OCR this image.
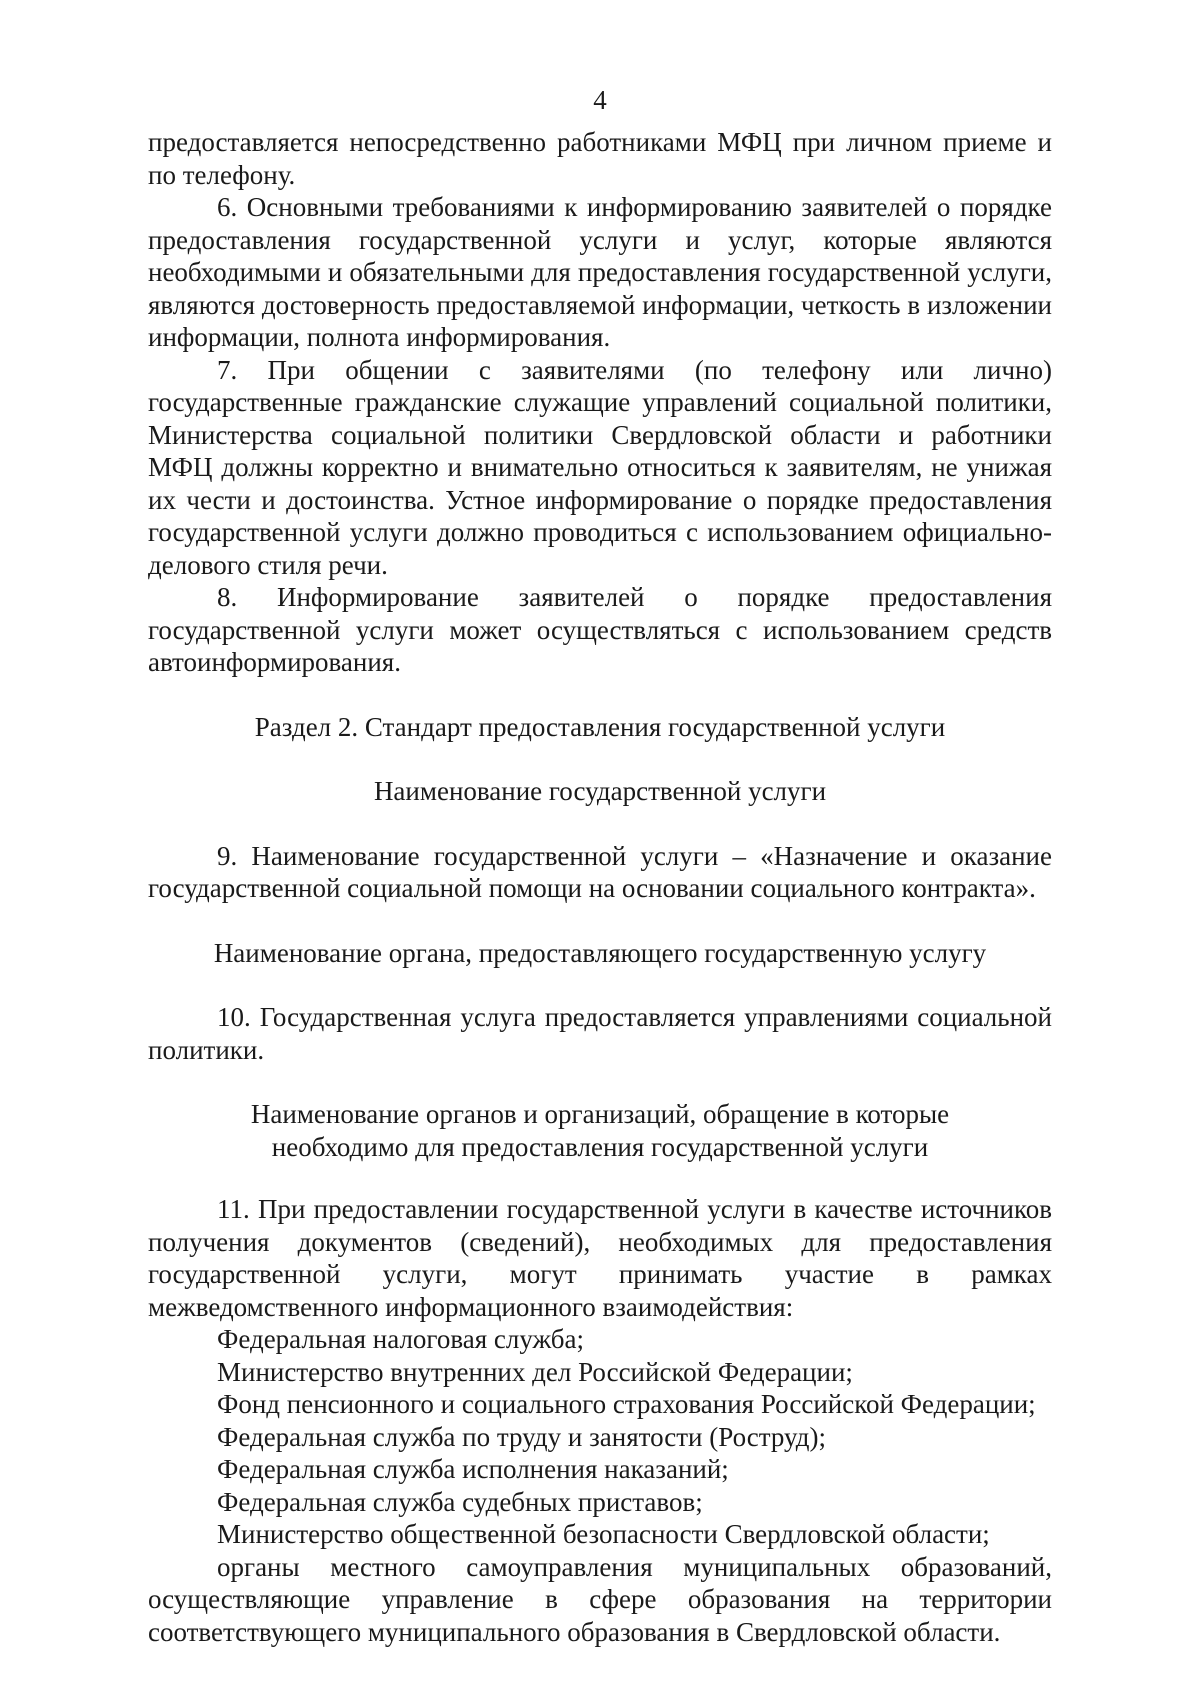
4

предоставляется непосредственно работниками МФЦ при личном приеме и по телефону.

6. Основными требованиями к информированию заявителей о порядке предоставления государственной услуги и услуг, которые являются необходимыми и обязательными для предоставления государственной услуги, являются достоверность предоставляемой информации, четкость в изложении информации, полнота информирования.

7. При общении с заявителями (по телефону или лично) государственные гражданские служащие управлений социальной политики, Министерства социальной политики Свердловской области и работники МФЦ должны корректно и внимательно относиться к заявителям, не унижая их чести и достоинства. Устное информирование о порядке предоставления государственной услуги должно проводиться с использованием официально-делового стиля речи.

8. Информирование заявителей о порядке предоставления государственной услуги может осуществляться с использованием средств автоинформирования.

Раздел 2. Стандарт предоставления государственной услуги

Наименование государственной услуги

9. Наименование государственной услуги – «Назначение и оказание государственной социальной помощи на основании социального контракта».

Наименование органа, предоставляющего государственную услугу

10. Государственная услуга предоставляется управлениями социальной политики.

Наименование органов и организаций, обращение в которые

необходимо для предоставления государственной услуги

11. При предоставлении государственной услуги в качестве источников получения документов (сведений), необходимых для предоставления государственной услуги, могут принимать участие в рамках межведомственного информационного взаимодействия:

Федеральная налоговая служба;

Министерство внутренних дел Российской Федерации;

Фонд пенсионного и социального страхования Российской Федерации;

Федеральная служба по труду и занятости (Роструд);

Федеральная служба исполнения наказаний;

Федеральная служба судебных приставов;

Министерство общественной безопасности Свердловской области;

органы местного самоуправления муниципальных образований, осуществляющие управление в сфере образования на территории соответствующего муниципального образования в Свердловской области.
